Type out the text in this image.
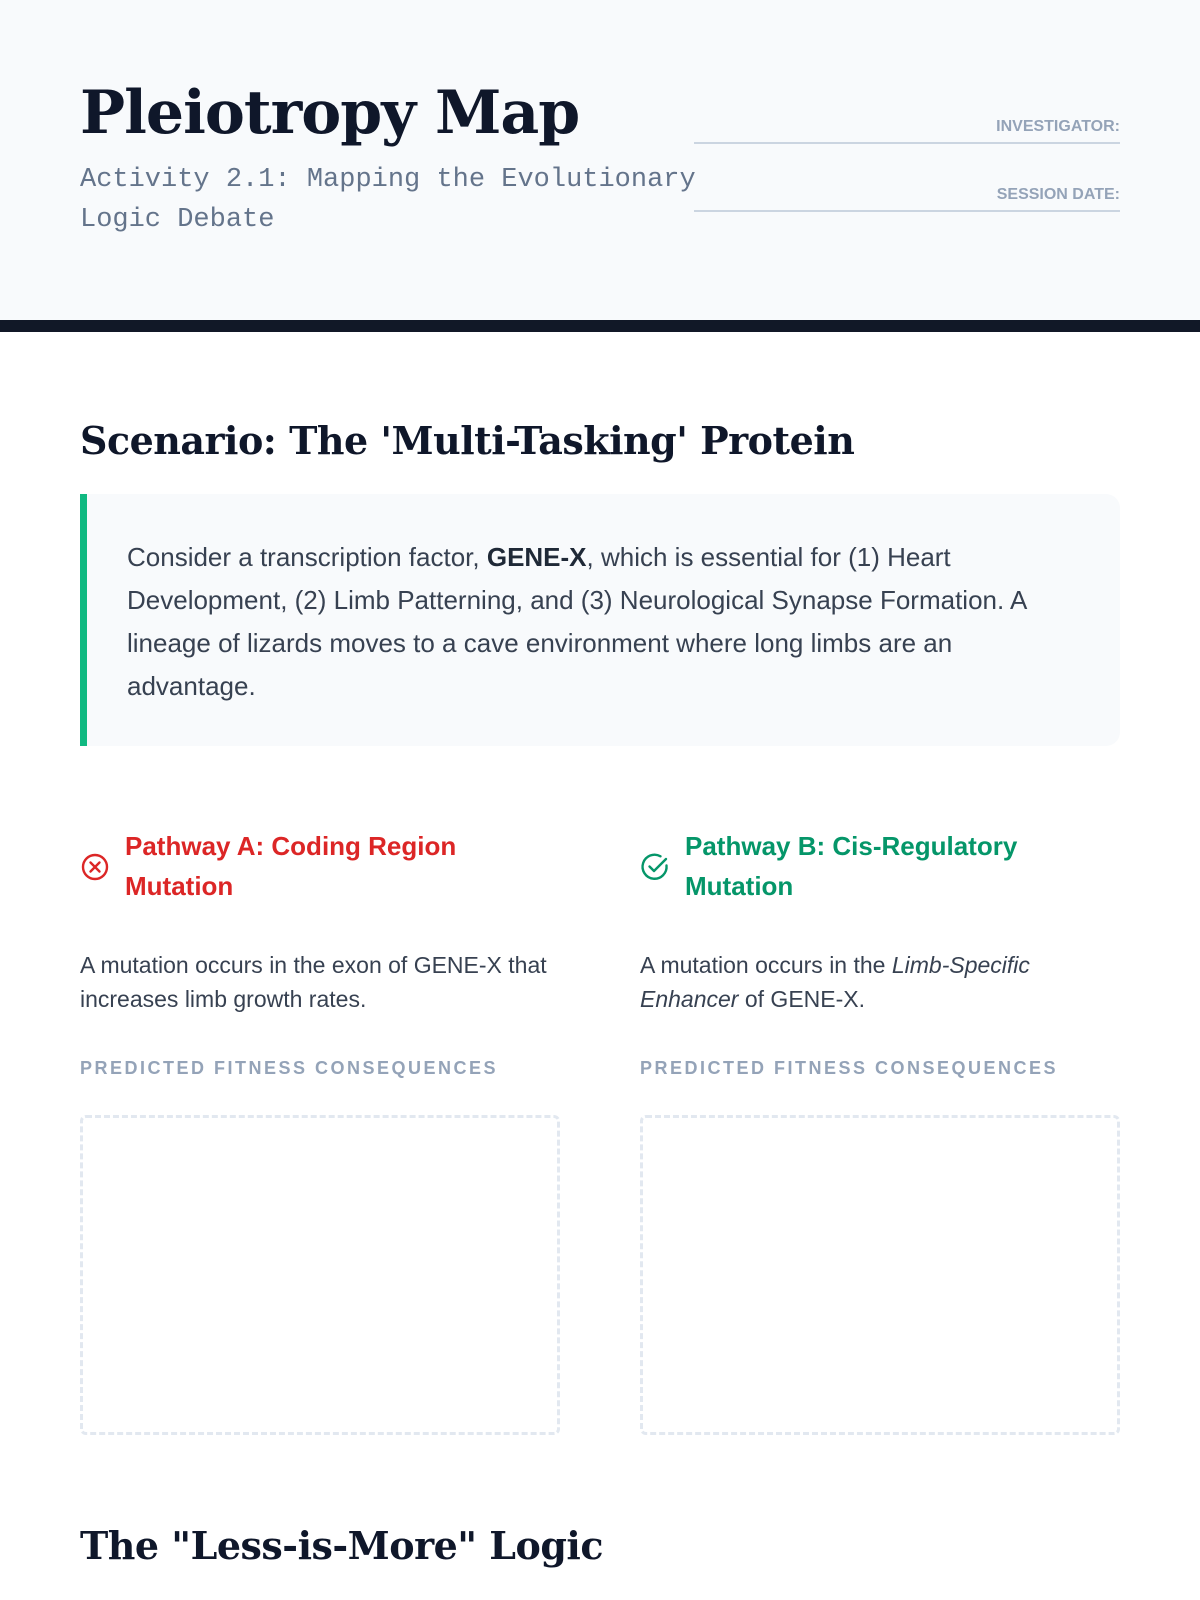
Pleiotropy Map

Activity 2.1: Mapping the Evolutionary Logic Debate

INVESTIGATOR:
SESSION DATE:
Scenario: The 'Multi-Tasking' Protein

Consider a transcription factor, GENE-X, which is essential for (1) Heart Development, (2) Limb Patterning, and (3) Neurological Synapse Formation. A lineage of lizards moves to a cave environment where long limbs are an advantage.

Pathway A: Coding Region Mutation

A mutation occurs in the exon of GENE-X that increases limb growth rates.

PREDICTED FITNESS CONSEQUENCES

Pathway B: Cis-Regulatory Mutation

A mutation occurs in the Limb-Specific Enhancer of GENE-X.

PREDICTED FITNESS CONSEQUENCES

The "Less-is-More" Logic
